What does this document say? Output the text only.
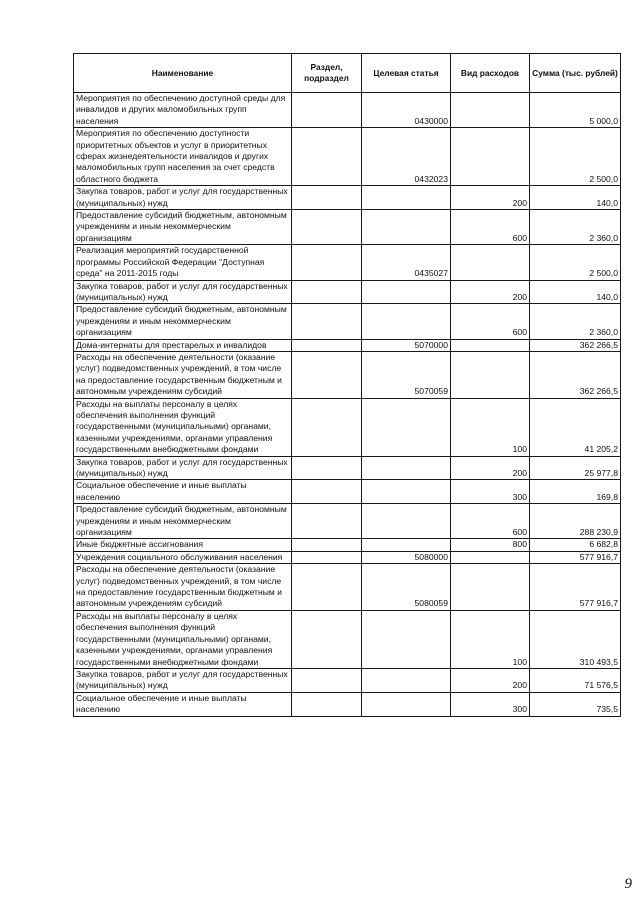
Наименование	Раздел, подраздел	Целевая статья	Вид расходов	Сумма (тыс. рублей)
Мероприятия по обеспечению доступной среды для инвалидов и других маломобильных групп населения		0430000		5 000,0
Мероприятия по обеспечению доступности приоритетных объектов и услуг в приоритетных сферах жизнедеятельности инвалидов и других маломобильных групп населения за счет средств областного бюджета		0432023		2 500,0
Закупка товаров, работ и услуг для государственных (муниципальных) нужд			200	140,0
Предоставление субсидий бюджетным, автономным учреждениям и иным некоммерческим организациям			600	2 360,0
Реализация мероприятий государственной программы Российской Федерации "Доступная среда" на 2011-2015 годы		0435027		2 500,0
Закупка товаров, работ и услуг для государственных (муниципальных) нужд			200	140,0
Предоставление субсидий бюджетным, автономным учреждениям и иным некоммерческим организациям			600	2 360,0
Дома-интернаты для престарелых и инвалидов		5070000		362 266,5
Расходы на обеспечение деятельности (оказание услуг) подведомственных учреждений, в том числе на предоставление государственным бюджетным и автономным учреждениям субсидий		5070059		362 266,5
Расходы на выплаты персоналу в целях обеспечения выполнения функций государственными (муниципальными) органами, казенными учреждениями, органами управления государственными внебюджетными фондами			100	41 205,2
Закупка товаров, работ и услуг для государственных (муниципальных) нужд			200	25 977,8
Социальное обеспечение и иные выплаты населению			300	169,8
Предоставление субсидий бюджетным, автономным учреждениям и иным некоммерческим организациям			600	288 230,9
Иные бюджетные ассигнования			800	6 682,8
Учреждения социального обслуживания населения		5080000		577 916,7
Расходы на обеспечение деятельности (оказание услуг) подведомственных учреждений, в том числе на предоставление государственным бюджетным и автономным учреждениям субсидий		5080059		577 916,7
Расходы на выплаты персоналу в целях обеспечения выполнения функций государственными (муниципальными) органами, казенными учреждениями, органами управления государственными внебюджетными фондами			100	310 493,5
Закупка товаров, работ и услуг для государственных (муниципальных) нужд			200	71 576,5
Социальное обеспечение и иные выплаты населению			300	735,5
9
